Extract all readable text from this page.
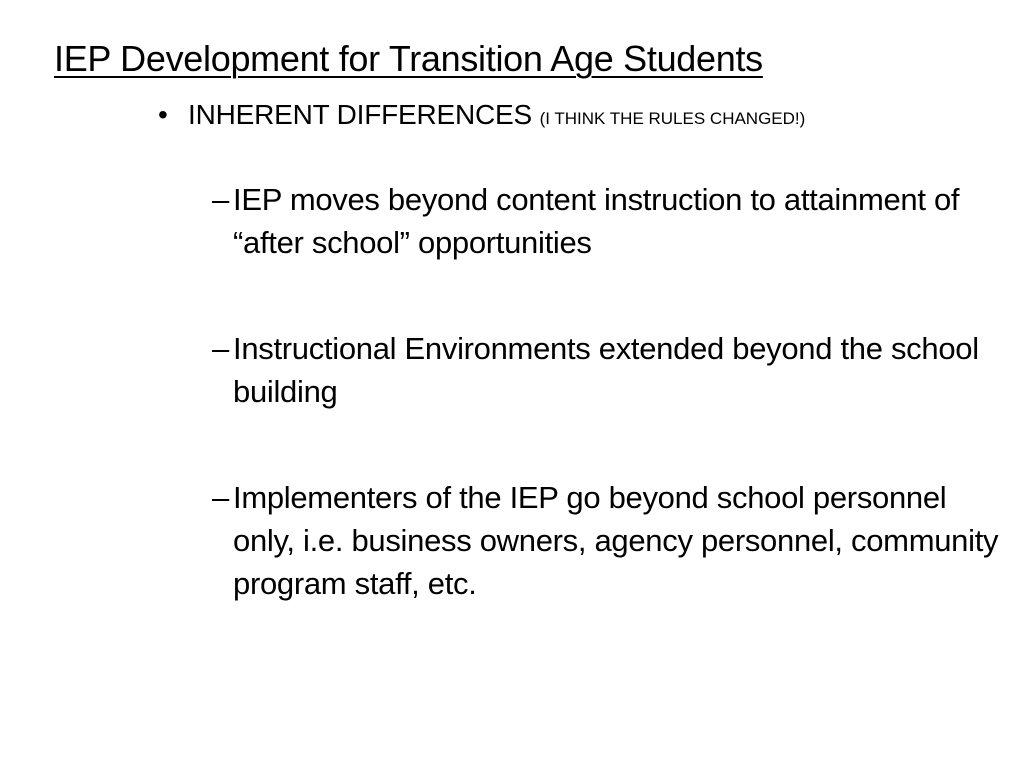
IEP Development for Transition Age Students
• INHERENT DIFFERENCES (I THINK THE RULES CHANGED!)
– IEP moves beyond content instruction to attainment of “after school” opportunities
– Instructional Environments extended beyond the school building
– Implementers of the IEP go beyond school personnel only, i.e. business owners, agency personnel, community program staff, etc.
